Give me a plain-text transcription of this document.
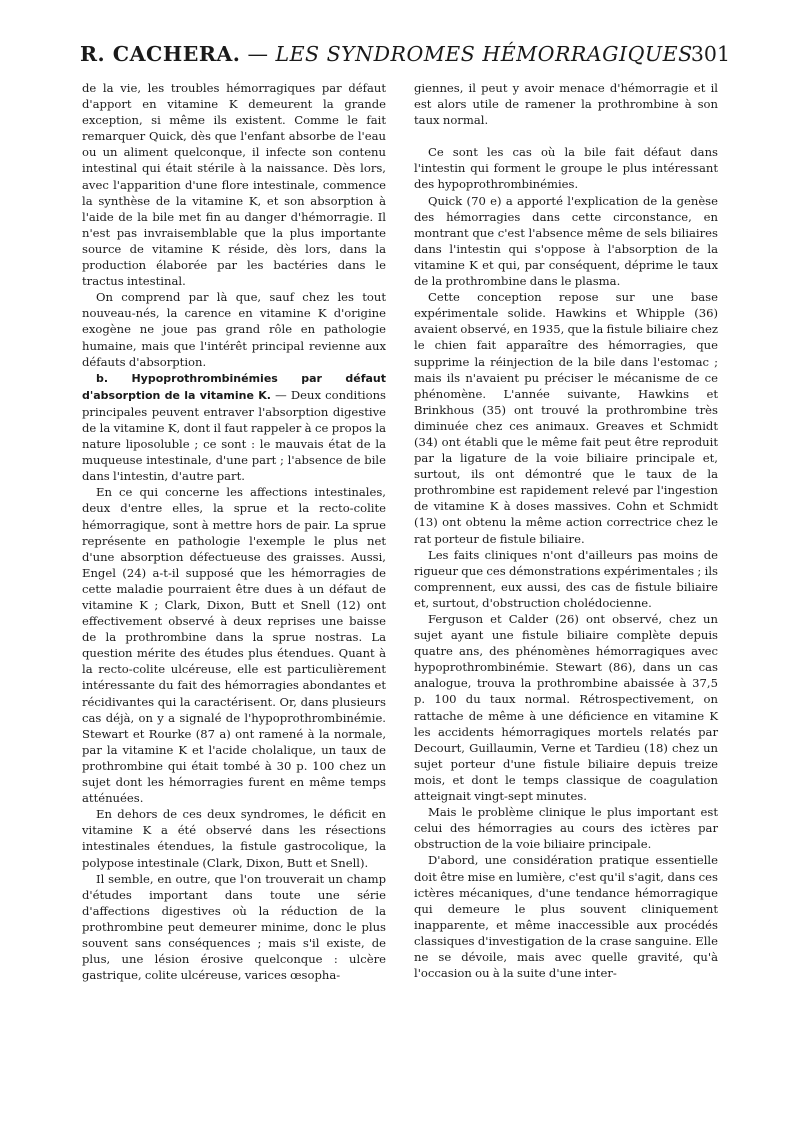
R. CACHERA. — LES SYNDROMES HÉMORRAGIQUES
301

de la vie, les troubles hémorragiques par défaut d'apport en vitamine K demeurent la grande exception, si même ils existent. Comme le fait remarquer Quick, dès que l'enfant absorbe de l'eau ou un aliment quelconque, il infecte son contenu intestinal qui était stérile à la naissance. Dès lors, avec l'apparition d'une flore intestinale, commence la synthèse de la vitamine K, et son absorption à l'aide de la bile met fin au danger d'hémorragie. Il n'est pas invraisemblable que la plus importante source de vitamine K réside, dès lors, dans la production élaborée par les bactéries dans le tractus intestinal.

On comprend par là que, sauf chez les tout nouveau-nés, la carence en vitamine K d'origine exogène ne joue pas grand rôle en pathologie humaine, mais que l'intérêt principal revienne aux défauts d'absorption.

b. Hypoprothrombinémies par défaut d'absorption de la vitamine K. — Deux conditions principales peuvent entraver l'absorption digestive de la vitamine K, dont il faut rappeler à ce propos la nature liposoluble ; ce sont : le mauvais état de la muqueuse intestinale, d'une part ; l'absence de bile dans l'intestin, d'autre part.

En ce qui concerne les affections intestinales, deux d'entre elles, la sprue et la recto-colite hémorragique, sont à mettre hors de pair. La sprue représente en pathologie l'exemple le plus net d'une absorption défectueuse des graisses. Aussi, Engel (24) a-t-il supposé que les hémorragies de cette maladie pourraient être dues à un défaut de vitamine K ; Clark, Dixon, Butt et Snell (12) ont effectivement observé à deux reprises une baisse de la prothrombine dans la sprue nostras. La question mérite des études plus étendues. Quant à la recto-colite ulcéreuse, elle est particulièrement intéressante du fait des hémorragies abondantes et récidivantes qui la caractérisent. Or, dans plusieurs cas déjà, on y a signalé de l'hypoprothrombinémie. Stewart et Rourke (87 a) ont ramené à la normale, par la vitamine K et l'acide cholalique, un taux de prothrombine qui était tombé à 30 p. 100 chez un sujet dont les hémorragies furent en même temps atténuées.

En dehors de ces deux syndromes, le déficit en vitamine K a été observé dans les résections intestinales étendues, la fistule gastrocolique, la polypose intestinale (Clark, Dixon, Butt et Snell).

Il semble, en outre, que l'on trouverait un champ d'études important dans toute une série d'affections digestives où la réduction de la prothrombine peut demeurer minime, donc le plus souvent sans conséquences ; mais s'il existe, de plus, une lésion érosive quelconque : ulcère gastrique, colite ulcéreuse, varices œsopha-

giennes, il peut y avoir menace d'hémorragie et il est alors utile de ramener la prothrombine à son taux normal.

Ce sont les cas où la bile fait défaut dans l'intestin qui forment le groupe le plus intéressant des hypoprothrombinémies.

Quick (70 e) a apporté l'explication de la genèse des hémorragies dans cette circonstance, en montrant que c'est l'absence même de sels biliaires dans l'intestin qui s'oppose à l'absorption de la vitamine K et qui, par conséquent, déprime le taux de la prothrombine dans le plasma.

Cette conception repose sur une base expérimentale solide. Hawkins et Whipple (36) avaient observé, en 1935, que la fistule biliaire chez le chien fait apparaître des hémorragies, que supprime la réinjection de la bile dans l'estomac ; mais ils n'avaient pu préciser le mécanisme de ce phénomène. L'année suivante, Hawkins et Brinkhous (35) ont trouvé la prothrombine très diminuée chez ces animaux. Greaves et Schmidt (34) ont établi que le même fait peut être reproduit par la ligature de la voie biliaire principale et, surtout, ils ont démontré que le taux de la prothrombine est rapidement relevé par l'ingestion de vitamine K à doses massives. Cohn et Schmidt (13) ont obtenu la même action correctrice chez le rat porteur de fistule biliaire.

Les faits cliniques n'ont d'ailleurs pas moins de rigueur que ces démonstrations expérimentales ; ils comprennent, eux aussi, des cas de fistule biliaire et, surtout, d'obstruction cholédocienne.

Ferguson et Calder (26) ont observé, chez un sujet ayant une fistule biliaire complète depuis quatre ans, des phénomènes hémorragiques avec hypoprothrombinémie. Stewart (86), dans un cas analogue, trouva la prothrombine abaissée à 37,5 p. 100 du taux normal. Rétrospectivement, on rattache de même à une déficience en vitamine K les accidents hémorragiques mortels relatés par Decourt, Guillaumin, Verne et Tardieu (18) chez un sujet porteur d'une fistule biliaire depuis treize mois, et dont le temps classique de coagulation atteignait vingt-sept minutes.

Mais le problème clinique le plus important est celui des hémorragies au cours des ictères par obstruction de la voie biliaire principale.

D'abord, une considération pratique essentielle doit être mise en lumière, c'est qu'il s'agit, dans ces ictères mécaniques, d'une tendance hémorragique qui demeure le plus souvent cliniquement inapparente, et même inaccessible aux procédés classiques d'investigation de la crase sanguine. Elle ne se dévoile, mais avec quelle gravité, qu'à l'occasion ou à la suite d'une inter-
